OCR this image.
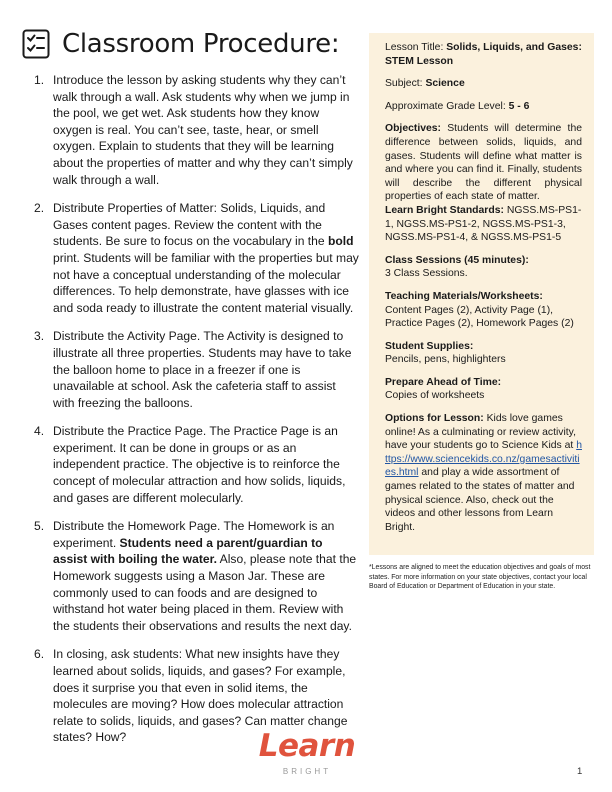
Classroom Procedure:
1. Introduce the lesson by asking students why they can’t walk through a wall. Ask students why when we jump in the pool, we get wet. Ask students how they know oxygen is real. You can’t see, taste, hear, or smell oxygen. Explain to students that they will be learning about the properties of matter and why they can’t simply walk through a wall.
2. Distribute Properties of Matter: Solids, Liquids, and Gases content pages. Review the content with the students. Be sure to focus on the vocabulary in the bold print. Students will be familiar with the properties but may not have a conceptual understanding of the molecular differences. To help demonstrate, have glasses with ice and soda ready to illustrate the content material visually.
3. Distribute the Activity Page. The Activity is designed to illustrate all three properties. Students may have to take the balloon home to place in a freezer if one is unavailable at school. Ask the cafeteria staff to assist with freezing the balloons.
4. Distribute the Practice Page. The Practice Page is an experiment. It can be done in groups or as an independent practice. The objective is to reinforce the concept of molecular attraction and how solids, liquids, and gases are different molecularly.
5. Distribute the Homework Page. The Homework is an experiment. Students need a parent/guardian to assist with boiling the water. Also, please note that the Homework suggests using a Mason Jar. These are commonly used to can foods and are designed to withstand hot water being placed in them. Review with the students their observations and results the next day.
6. In closing, ask students: What new insights have they learned about solids, liquids, and gases? For example, does it surprise you that even in solid items, the molecules are moving? How does molecular attraction relate to solids, liquids, and gases? Can matter change states? How?
Lesson Title: Solids, Liquids, and Gases: STEM Lesson
Subject: Science
Approximate Grade Level: 5 - 6
Objectives: Students will determine the difference between solids, liquids, and gases. Students will define what matter is and where you can find it. Finally, students will describe the different physical properties of each state of matter.
Learn Bright Standards: NGSS.MS-PS1-1, NGSS.MS-PS1-2, NGSS.MS-PS1-3, NGSS.MS-PS1-4, & NGSS.MS-PS1-5
Class Sessions (45 minutes):
3 Class Sessions.
Teaching Materials/Worksheets:
Content Pages (2), Activity Page (1), Practice Pages (2), Homework Pages (2)
Student Supplies:
Pencils, pens, highlighters
Prepare Ahead of Time:
Copies of worksheets
Options for Lesson: Kids love games online! As a culminating or review activity, have your students go to Science Kids at https://www.sciencekids.co.nz/gamesactivities.html and play a wide assortment of games related to the states of matter and physical science. Also, check out the videos and other lessons from Learn Bright.
*Lessons are aligned to meet the education objectives and goals of most states. For more information on your state objectives, contact your local Board of Education or Department of Education in your state.
Learn
BRIGHT	1
